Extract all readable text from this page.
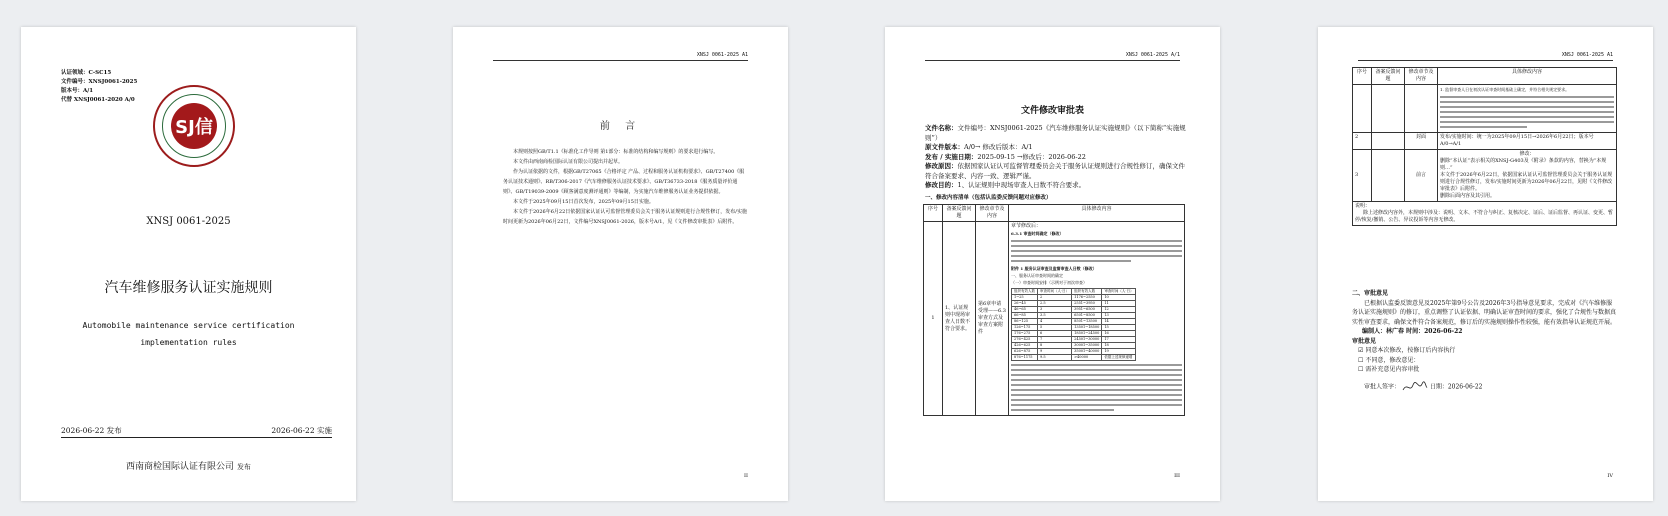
认证领域：C-SC15
文件编号：XNSJ0061-2025
版本号：A/1
代替 XNSJ0061-2020 A/0
SJ信
XNSJ 0061-2025
汽车维修服务认证实施规则
Automobile maintenance service certification
implementation rules
2026-06-22 发布	2026-06-22 实施
西南商检国际认证有限公司 发布
XNSJ 0061-2025 A1
前 言

本规则按照GB/T1.1《标准化工作导则 第1部分：标准的结构和编写规则》的要求进行编写。

本文件由西南商检国际认证有限公司提出并起草。

作为认证依据的文件，根据GB/T27065《合格评定 产品、过程和服务认证机构要求》、GB/T27400《服务认证技术通则》、RB/T306-2017《汽车维修服务认证技术要求》、GB/T36733-2018《服务质量评价通则》、GB/T19039-2009《顾客满意度测评通则》等编制，为实施汽车维修服务认证业务提供依据。

本文件于2025年09月15日首次发布，2025年09月15日实施。

本文件于2026年6月22日依据国家认证认可监督管理委员会关于服务认证规则进行合规性修订，发布/实施时间更新为2026年06月22日，文件编号XNSJ0061-2026，版本号A/1，见《文件修改审批表》后附件。

II
XNSJ 0061-2025 A/1
文件修改审批表
文件名称：文件编号：XNSJ0061-2025《汽车维修服务认证实施规则》（以下简称“实施规则”）
原文件版本：A/0→ 修改后版本：A/1
发布 / 实施日期：2025-09-15 →修改后：2026-06-22
修改原因：依据国家认证认可监督管理委员会关于服务认证规则进行合规性修订，确保文件符合备案要求、内容一致、逻辑严谨。
修改目的：1、认证规则中现场审查人日数不符合要求。
一、修改内容清单（包括认监委反馈问题对应修改）
序号	备案反馈问题	修改章节及内容	具体修改内容
1	1、认证规则中现场审查人日数不符合要求。	第6章申请受理——6.3审查方式及审查方案附件	
章节修改后：
6.3.1 审查时间确定（修改）
附件 1 服务认证审查及监督审查人日数（修改）
一、服务认证审查时间的确定
（一）审查时间安排（示例对于初次审查）
组织有效人数	审查时间（人·日）	组织有效人数	审查时间（人·日）
1~25	2	1176~2550	10
26~45	2.5	2551~3950	11
46~65	3	3951~6500	12
66~85	3.5	6501~8500	13
86~125	4	8501~13500	14
126~175	5	13501~18500	15
176~275	6	18501~24500	16
276~425	7	24501~30000	17
426~625	8	30001~35000	18
626~875	9	35001~40000	19
876~1175	9.5	>40000	依据上述规律递增
III
XNSJ 0061-2025 A1
序号	备案反馈问题	修改章节及内容	具体修改内容

			1. 监督审查人日在初次认证审查时间基础上确定，并符合相关规定要求。

2		封面	发布/实施时间：统一为2025年09月15日→2026年6月22日；版本号A/0→A/1
3		前言	修改：
删除“本认证”表示相关的XNSJ-G403及《附录》条款的内容，替换为“本规则…”
本文件于2026年6月22日，依据国家认证认可监督管理委员会关于服务认证规则进行合规性修订，发布/实施时间更新为2026年06月22日，见附《文件修改审批表》后附件。
删除后面内容及其引用。

说明：
除上述修改内容外，本规则中涉及：说明、文本、不符合与纠正、复核决定、证后、证后监督、再认证、变更、暂停/恢复/撤销、公告、异议投诉等内容无修改。			
二、审批意见

已根据认监委反馈意见及2025年第9号公告及2026年3号指导意见要求，完成对《汽车维修服务认证实施规则》的修订，重点调整了认证依据、明确认证审查时间的要求，强化了合规性与数据真实性审查要求，确保文件符合备案规范，修订后的实施规则操作性较强，能有效指导认证规范开展。

编制人：林广春 时间：2026-06-22
审批意见
☑ 同意本次修改，按修订后内容执行
☐ 不同意，修改意见：
☐ 需补充意见内容审批
审批人签字：	日期：2026-06-22
IV
